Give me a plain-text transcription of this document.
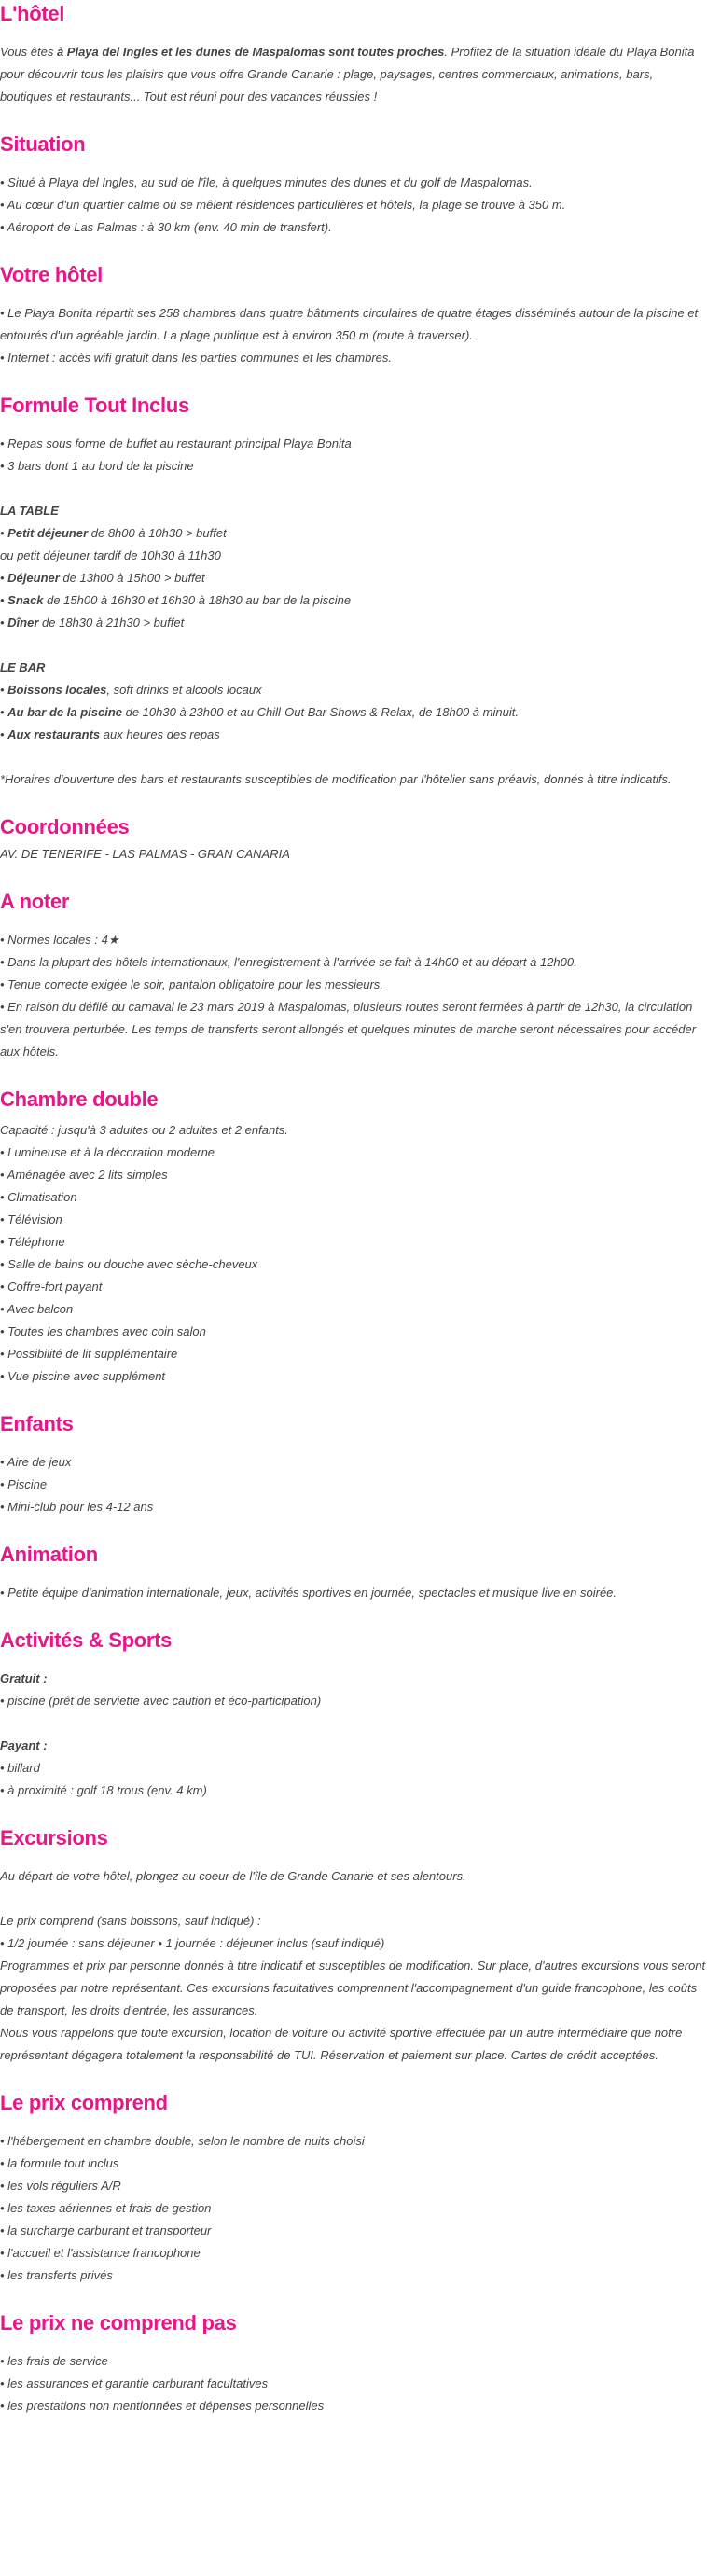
L'hôtel

Vous êtes à Playa del Ingles et les dunes de Maspalomas sont toutes proches. Profitez de la situation idéale du Playa Bonita pour découvrir tous les plaisirs que vous offre Grande Canarie : plage, paysages, centres commerciaux, animations, bars, boutiques et restaurants... Tout est réuni pour des vacances réussies !

Situation

• Situé à Playa del Ingles, au sud de l'île, à quelques minutes des dunes et du golf de Maspalomas.
• Au cœur d'un quartier calme où se mêlent résidences particulières et hôtels, la plage se trouve à 350 m.
• Aéroport de Las Palmas : à 30 km (env. 40 min de transfert).

Votre hôtel

• Le Playa Bonita répartit ses 258 chambres dans quatre bâtiments circulaires de quatre étages disséminés autour de la piscine et entourés d'un agréable jardin. La plage publique est à environ 350 m (route à traverser).
• Internet : accès wifi gratuit dans les parties communes et les chambres.

Formule Tout Inclus

• Repas sous forme de buffet au restaurant principal Playa Bonita
• 3 bars dont 1 au bord de la piscine

LA TABLE
• Petit déjeuner de 8h00 à 10h30 > buffet
ou petit déjeuner tardif de 10h30 à 11h30
• Déjeuner de 13h00 à 15h00 > buffet
• Snack de 15h00 à 16h30 et 16h30 à 18h30 au bar de la piscine
• Dîner de 18h30 à 21h30 > buffet

LE BAR
• Boissons locales, soft drinks et alcools locaux
• Au bar de la piscine de 10h30 à 23h00 et au Chill-Out Bar Shows & Relax, de 18h00 à minuit.
• Aux restaurants aux heures des repas

*Horaires d'ouverture des bars et restaurants susceptibles de modification par l'hôtelier sans préavis, donnés à titre indicatifs.

Coordonnées

AV. DE TENERIFE - LAS PALMAS - GRAN CANARIA

A noter

• Normes locales : 4★
• Dans la plupart des hôtels internationaux, l'enregistrement à l'arrivée se fait à 14h00 et au départ à 12h00.
• Tenue correcte exigée le soir, pantalon obligatoire pour les messieurs.
• En raison du défilé du carnaval le 23 mars 2019 à Maspalomas, plusieurs routes seront fermées à partir de 12h30, la circulation s'en trouvera perturbée. Les temps de transferts seront allongés et quelques minutes de marche seront nécessaires pour accéder aux hôtels.

Chambre double

Capacité : jusqu'à 3 adultes ou 2 adultes et 2 enfants.
• Lumineuse et à la décoration moderne
• Aménagée avec 2 lits simples
• Climatisation
• Télévision
• Téléphone
• Salle de bains ou douche avec sèche-cheveux
• Coffre-fort payant
• Avec balcon
• Toutes les chambres avec coin salon
• Possibilité de lit supplémentaire
• Vue piscine avec supplément

Enfants

• Aire de jeux
• Piscine
• Mini-club pour les 4-12 ans

Animation

• Petite équipe d'animation internationale, jeux, activités sportives en journée, spectacles et musique live en soirée.

Activités & Sports

Gratuit :
• piscine (prêt de serviette avec caution et éco-participation)

Payant :
• billard
• à proximité : golf 18 trous (env. 4 km)

Excursions

Au départ de votre hôtel, plongez au coeur de l'île de Grande Canarie et ses alentours.

Le prix comprend (sans boissons, sauf indiqué) :
• 1/2 journée : sans déjeuner • 1 journée : déjeuner inclus (sauf indiqué)
Programmes et prix par personne donnés à titre indicatif et susceptibles de modification. Sur place, d'autres excursions vous seront proposées par notre représentant. Ces excursions facultatives comprennent l'accompagnement d'un guide francophone, les coûts de transport, les droits d'entrée, les assurances.
Nous vous rappelons que toute excursion, location de voiture ou activité sportive effectuée par un autre intermédiaire que notre représentant dégagera totalement la responsabilité de TUI. Réservation et paiement sur place. Cartes de crédit acceptées.

Le prix comprend

• l'hébergement en chambre double, selon le nombre de nuits choisi
• la formule tout inclus
• les vols réguliers A/R
• les taxes aériennes et frais de gestion
• la surcharge carburant et transporteur
• l'accueil et l'assistance francophone
• les transferts privés

Le prix ne comprend pas

• les frais de service
• les assurances et garantie carburant facultatives
• les prestations non mentionnées et dépenses personnelles
